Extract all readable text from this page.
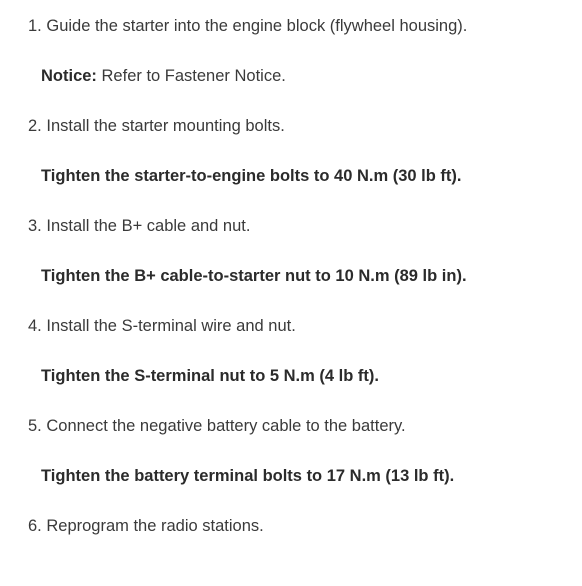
1. Guide the starter into the engine block (flywheel housing).
Notice: Refer to Fastener Notice.
2. Install the starter mounting bolts.
Tighten the starter-to-engine bolts to 40 N.m (30 lb ft).
3. Install the B+ cable and nut.
Tighten the B+ cable-to-starter nut to 10 N.m (89 lb in).
4. Install the S-terminal wire and nut.
Tighten the S-terminal nut to 5 N.m (4 lb ft).
5. Connect the negative battery cable to the battery.
Tighten the battery terminal bolts to 17 N.m (13 lb ft).
6. Reprogram the radio stations.
